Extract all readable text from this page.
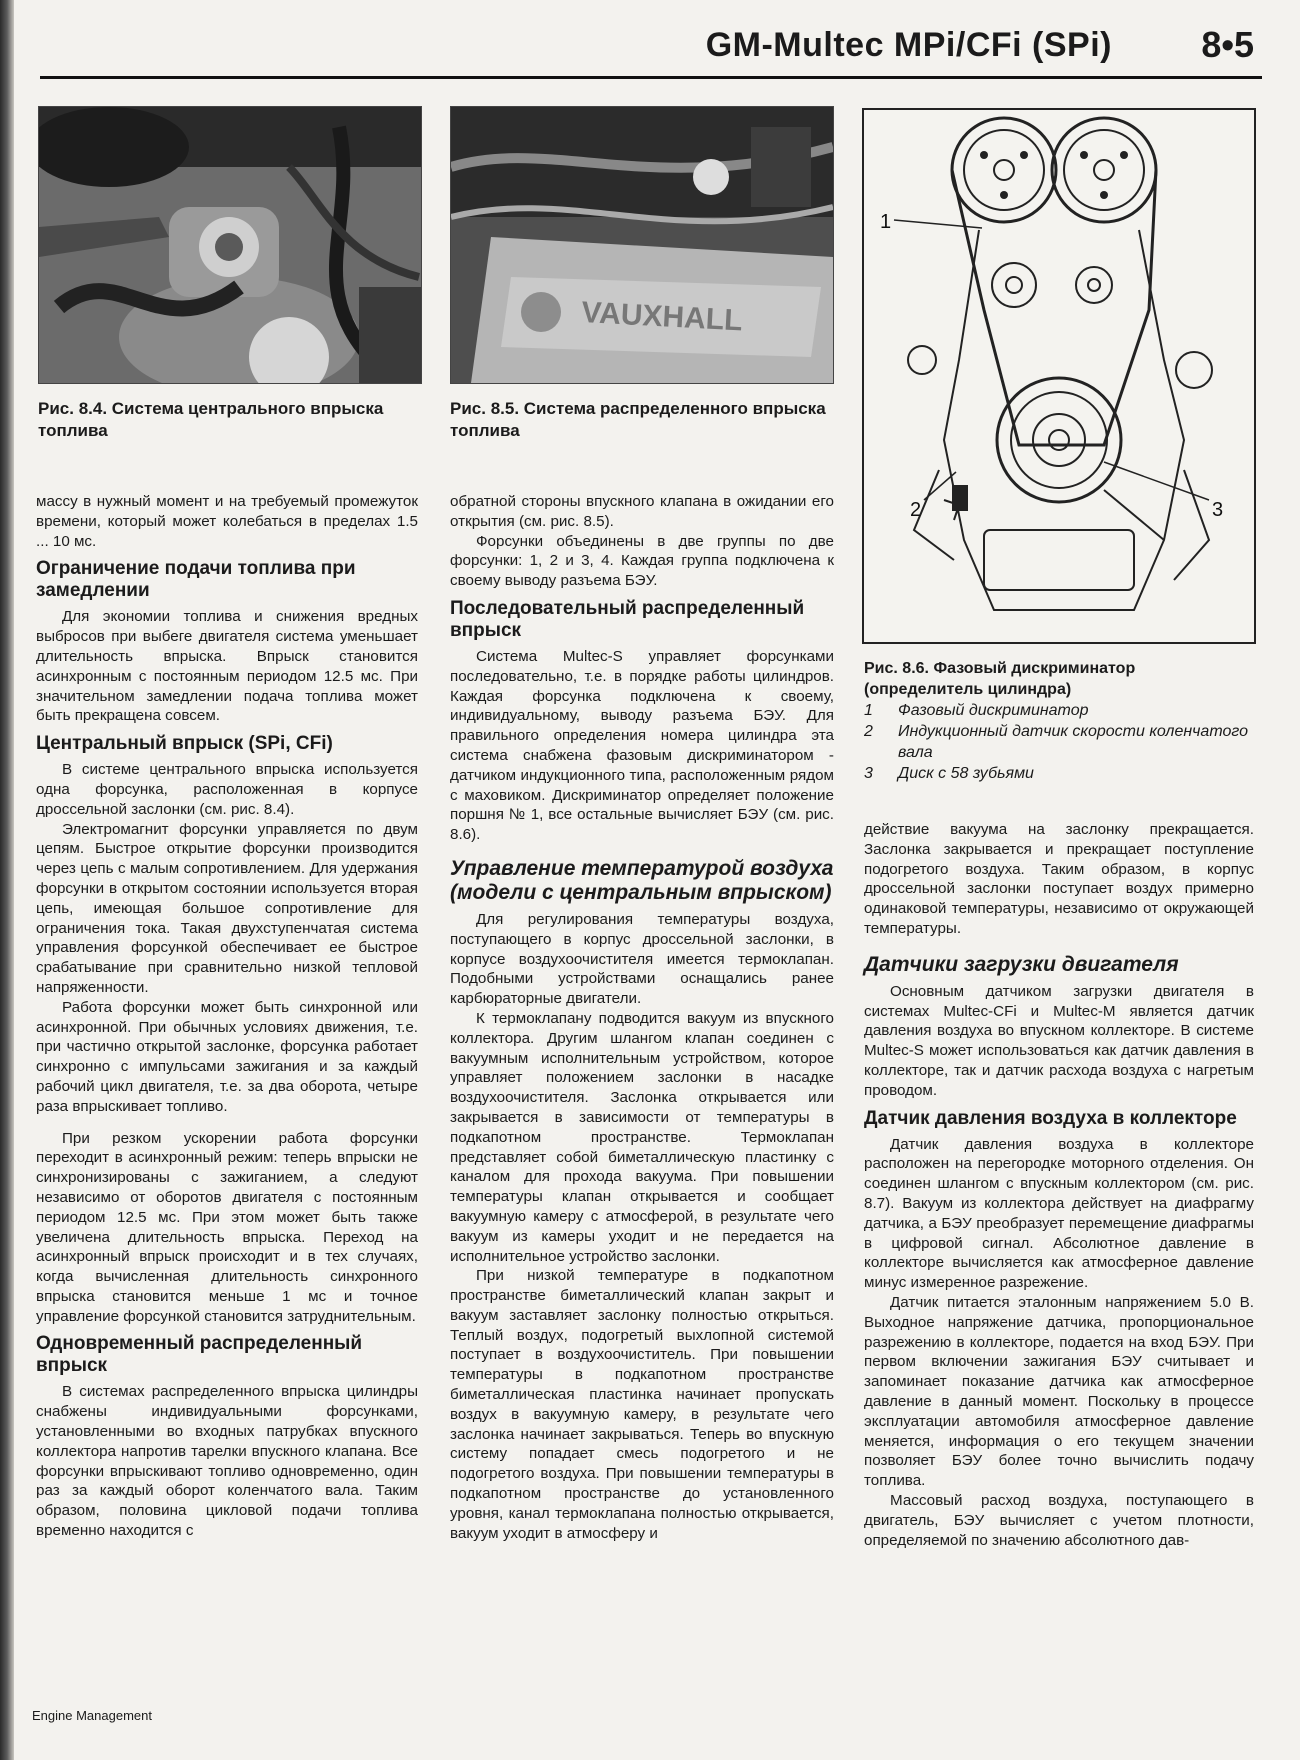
GM-Multec MPi/CFi (SPi) 8•5
Рис. 8.4. Система центрального впрыска топлива
VAUXHALL
Рис. 8.5. Система распределенного впрыска топлива
1
2	3
Рис. 8.6. Фазовый дискриминатор (определитель цилиндра)
1	Фазовый дискриминатор
2	Индукционный датчик скорости коленчатого вала
3	Диск с 58 зубьями

массу в нужный момент и на требуемый промежуток времени, который может колебаться в пределах 1.5 ... 10 мс.

Ограничение подачи топлива при замедлении

Для экономии топлива и снижения вредных выбросов при выбеге двигателя система уменьшает длительность впрыска. Впрыск становится асинхронным с постоянным периодом 12.5 мс. При значительном замедлении подача топлива может быть прекращена совсем.

Центральный впрыск (SPi, CFi)

В системе центрального впрыска используется одна форсунка, расположенная в корпусе дроссельной заслонки (см. рис. 8.4).

Электромагнит форсунки управляется по двум цепям. Быстрое открытие форсунки производится через цепь с малым сопротивлением. Для удержания форсунки в открытом состоянии используется вторая цепь, имеющая большое сопротивление для ограничения тока. Такая двухступенчатая система управления форсункой обеспечивает ее быстрое срабатывание при сравнительно низкой тепловой напряженности.

Работа форсунки может быть синхронной или асинхронной. При обычных условиях движения, т.е. при частично открытой заслонке, форсунка работает синхронно с импульсами зажигания и за каждый рабочий цикл двигателя, т.е. за два оборота, четыре раза впрыскивает топливо.

При резком ускорении работа форсунки переходит в асинхронный режим: теперь впрыски не синхронизированы с зажиганием, а следуют независимо от оборотов двигателя с постоянным периодом 12.5 мс. При этом может быть также увеличена длительность впрыска. Переход на асинхронный впрыск происходит и в тех случаях, когда вычисленная длительность синхронного впрыска становится меньше 1 мс и точное управление форсункой становится затруднительным.

Одновременный распределенный впрыск

В системах распределенного впрыска цилиндры снабжены индивидуальными форсунками, установленными во входных патрубках впускного коллектора напротив тарелки впускного клапана. Все форсунки впрыскивают топливо одновременно, один раз за каждый оборот коленчатого вала. Таким образом, половина цикловой подачи топлива временно находится с

обратной стороны впускного клапана в ожидании его открытия (см. рис. 8.5).

Форсунки объединены в две группы по две форсунки: 1, 2 и 3, 4. Каждая группа подключена к своему выводу разъема БЭУ.

Последовательный распределенный впрыск

Система Multec-S управляет форсунками последовательно, т.е. в порядке работы цилиндров. Каждая форсунка подключена к своему, индивидуальному, выводу разъема БЭУ. Для правильного определения номера цилиндра эта система снабжена фазовым дискриминатором - датчиком индукционного типа, расположенным рядом с маховиком. Дискриминатор определяет положение поршня № 1, все остальные вычисляет БЭУ (см. рис. 8.6).

Управление температурой воздуха (модели с центральным впрыском)

Для регулирования температуры воздуха, поступающего в корпус дроссельной заслонки, в корпусе воздухоочистителя имеется термоклапан. Подобными устройствами оснащались ранее карбюраторные двигатели.

К термоклапану подводится вакуум из впускного коллектора. Другим шлангом клапан соединен с вакуумным исполнительным устройством, которое управляет положением заслонки в насадке воздухоочистителя. Заслонка открывается или закрывается в зависимости от температуры в подкапотном пространстве. Термоклапан представляет собой биметаллическую пластинку с каналом для прохода вакуума. При повышении температуры клапан открывается и сообщает вакуумную камеру с атмосферой, в результате чего вакуум из камеры уходит и не передается на исполнительное устройство заслонки.

При низкой температуре в подкапотном пространстве биметаллический клапан закрыт и вакуум заставляет заслонку полностью открыться. Теплый воздух, подогретый выхлопной системой поступает в воздухоочиститель. При повышении температуры в подкапотном пространстве биметаллическая пластинка начинает пропускать воздух в вакуумную камеру, в результате чего заслонка начинает закрываться. Теперь во впускную систему попадает смесь подогретого и не подогретого воздуха. При повышении температуры в подкапотном пространстве до установленного уровня, канал термоклапана полностью открывается, вакуум уходит в атмосферу и

действие вакуума на заслонку прекращается. Заслонка закрывается и прекращает поступление подогретого воздуха. Таким образом, в корпус дроссельной заслонки поступает воздух примерно одинаковой температуры, независимо от окружающей температуры.

Датчики загрузки двигателя

Основным датчиком загрузки двигателя в системах Multec-CFi и Multec-M является датчик давления воздуха во впускном коллекторе. В системе Multec-S может использоваться как датчик давления в коллекторе, так и датчик расхода воздуха с нагретым проводом.

Датчик давления воздуха в коллекторе

Датчик давления воздуха в коллекторе расположен на перегородке моторного отделения. Он соединен шлангом с впускным коллектором (см. рис. 8.7). Вакуум из коллектора действует на диафрагму датчика, а БЭУ преобразует перемещение диафрагмы в цифровой сигнал. Абсолютное давление в коллекторе вычисляется как атмосферное давление минус измеренное разрежение.

Датчик питается эталонным напряжением 5.0 В. Выходное напряжение датчика, пропорциональное разрежению в коллекторе, подается на вход БЭУ. При первом включении зажигания БЭУ считывает и запоминает показание датчика как атмосферное давление в данный момент. Поскольку в процессе эксплуатации автомобиля атмосферное давление меняется, информация о его текущем значении позволяет БЭУ более точно вычислить подачу топлива.

Массовый расход воздуха, поступающего в двигатель, БЭУ вычисляет с учетом плотности, определяемой по значению абсолютного дав-

Engine Management
